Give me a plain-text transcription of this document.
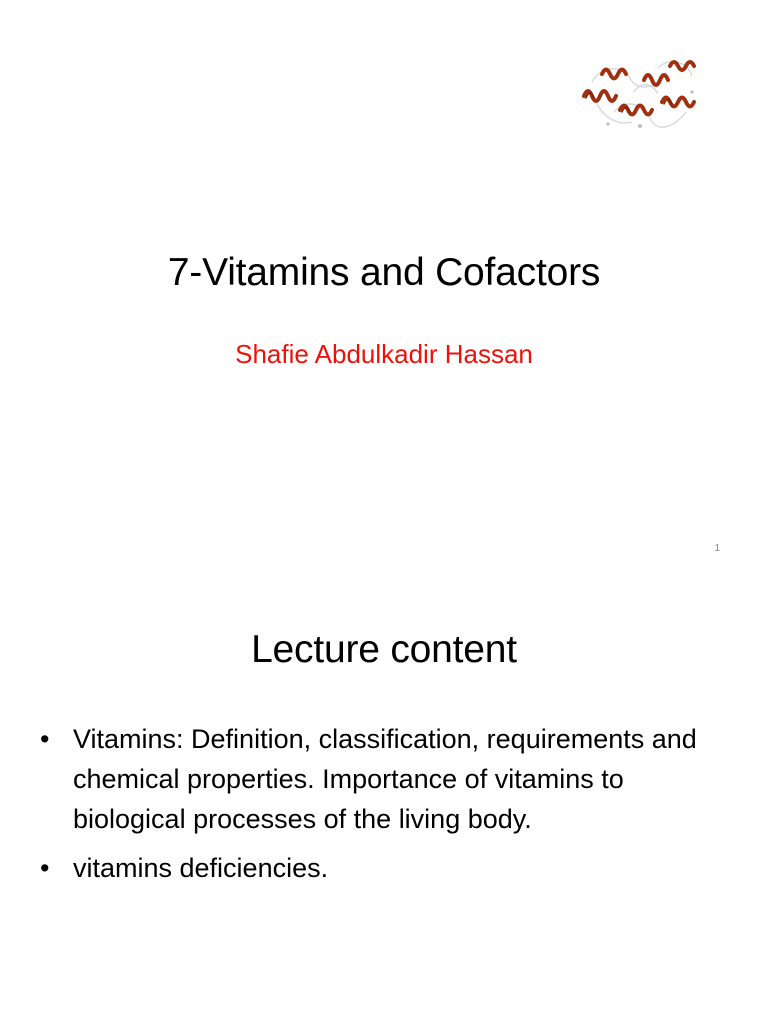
7-Vitamins and Cofactors
Shafie Abdulkadir Hassan
1
Lecture content
• Vitamins: Definition, classification, requirements and chemical properties. Importance of vitamins to biological processes of the living body.
• vitamins deficiencies.
